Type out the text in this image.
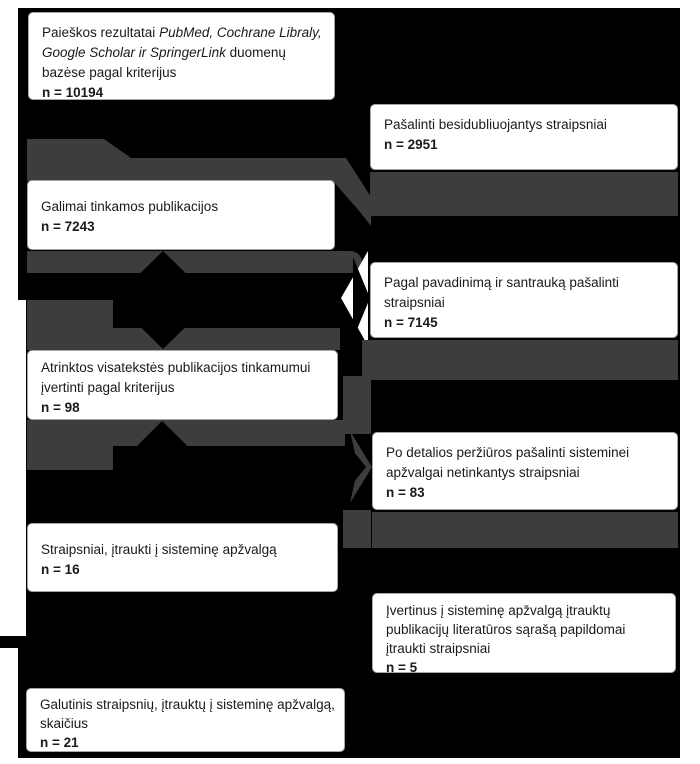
Paieškos rezultatai PubMed, Cochrane Libraly,
Google Scholar ir SpringerLink duomenų
bazėse pagal kriterijus
n = 10194
Pašalinti besidubliuojantys straipsniai
n = 2951
Galimai tinkamos publikacijos
n = 7243
Pagal pavadinimą ir santrauką pašalinti
straipsniai
n = 7145
Atrinktos visatekstės publikacijos tinkamumui
įvertinti pagal kriterijus
n = 98
Po detalios peržiūros pašalinti sisteminei
apžvalgai netinkantys straipsniai
n = 83
Straipsniai, įtraukti į sisteminę apžvalgą
n = 16
Įvertinus į sisteminę apžvalgą įtrauktų
publikacijų literatūros sąrašą papildomai
įtraukti straipsniai
n = 5
Galutinis straipsnių, įtrauktų į sisteminę apžvalgą,
skaičius
n = 21
